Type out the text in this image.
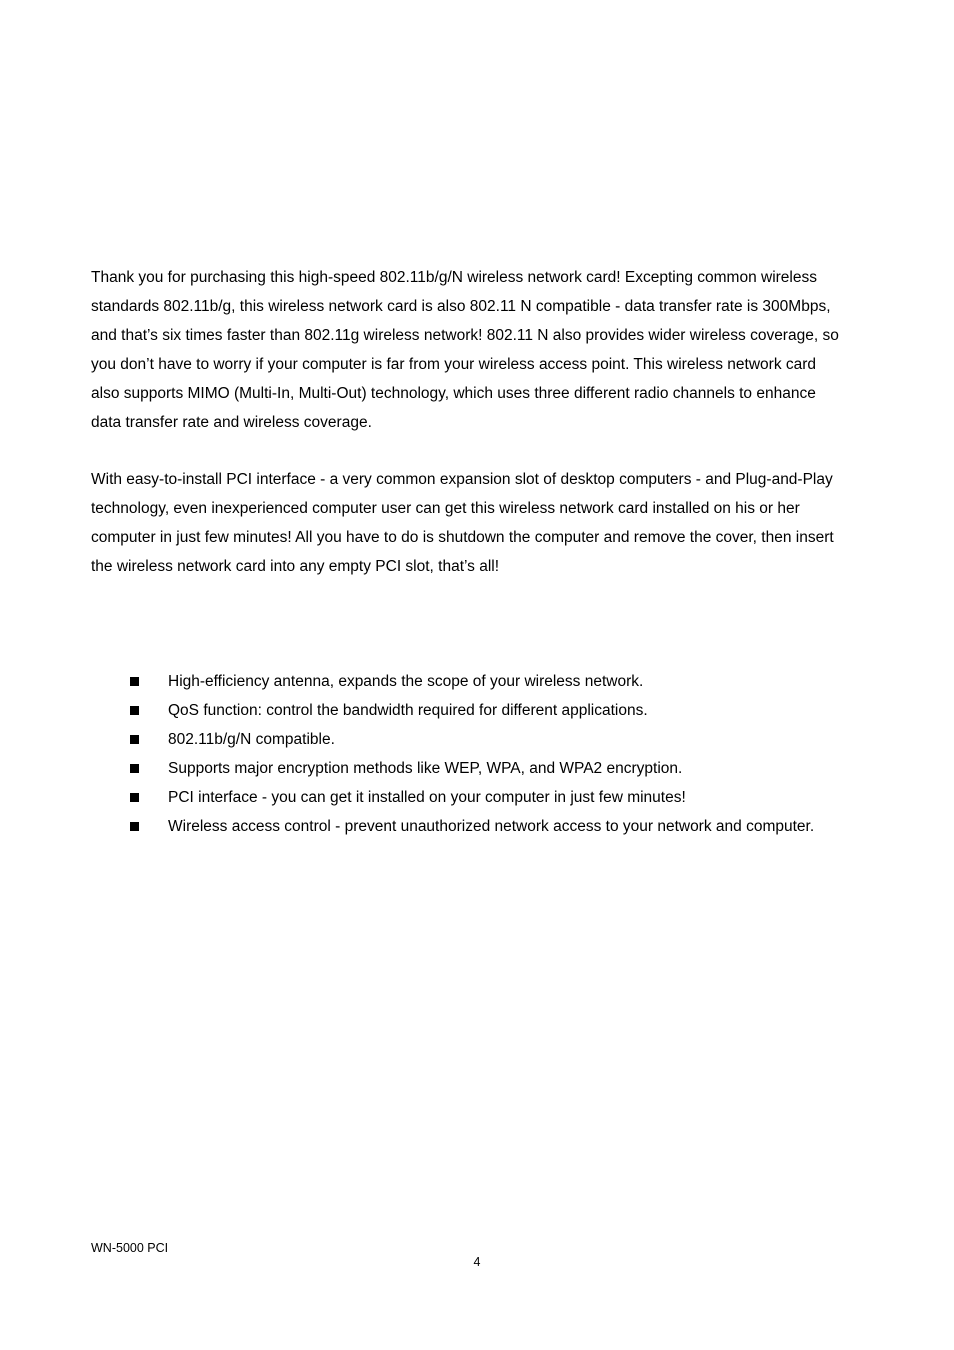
Thank you for purchasing this high-speed 802.11b/g/N wireless network card! Excepting common wireless
standards 802.11b/g, this wireless network card is also 802.11 N compatible - data transfer rate is 300Mbps,
and that’s six times faster than 802.11g wireless network! 802.11 N also provides wider wireless coverage, so
you don’t have to worry if your computer is far from your wireless access point. This wireless network card
also supports MIMO (Multi-In, Multi-Out) technology, which uses three different radio channels to enhance
data transfer rate and wireless coverage.

With easy-to-install PCI interface - a very common expansion slot of desktop computers - and Plug-and-Play
technology, even inexperienced computer user can get this wireless network card installed on his or her
computer in just few minutes! All you have to do is shutdown the computer and remove the cover, then insert
the wireless network card into any empty PCI slot, that’s all!

High-efficiency antenna, expands the scope of your wireless network.
QoS function: control the bandwidth required for different applications.
802.11b/g/N compatible.
Supports major encryption methods like WEP, WPA, and WPA2 encryption.
PCI interface - you can get it installed on your computer in just few minutes!
Wireless access control - prevent unauthorized network access to your network and computer.
WN-5000 PCI
4
